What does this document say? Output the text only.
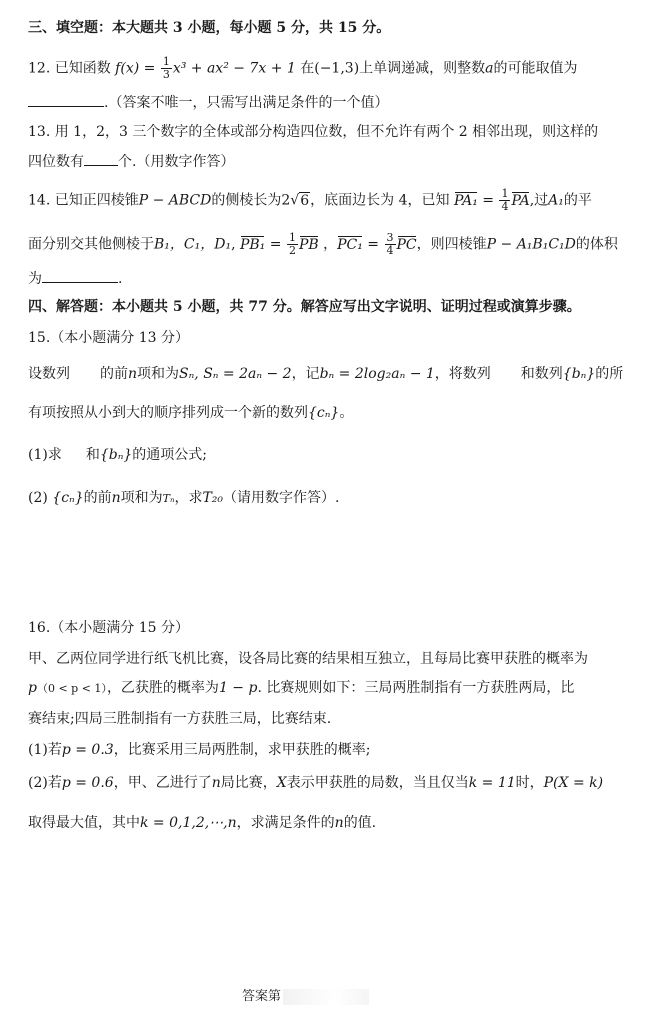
三、填空题：本大题共 3 小题，每小题 5 分，共 15 分。
12. 已知函数 $f(x) = \frac{1}{3} x^3 + ax^2 - 7x + 1$ 在(−1,3)上单调递减，则整数a的可能取值为
.（答案不唯一，只需写出满足条件的一个值）
13. 用 1，2，3 三个数字的全体或部分构造四位数，但不允许有两个 2 相邻出现，则这样的
四位数有 个.（用数字作答）
14. 已知正四棱锥P − ABCD的侧棱长为2√6，底面边长为 4，已知 $PA_1 = \frac{1}{4}$ PA,过A₁的平
面分别交其他侧棱于B₁，C₁，D₁, $PB_1 = \frac{1}{2}$ PB ，$PC_1 = \frac{3}{4}$ PC，则四棱锥P − A₁B₁C₁D的体积
为	.
四、解答题：本小题共 5 小题，共 77 分。解答应写出文字说明、证明过程或演算步骤。
15.（本小题满分 13 分）
设数列 的前n项和为Sₙ, Sₙ = 2aₙ − 2，记bₙ = 2log₂aₙ − 1，将数列 和数列{bₙ}的所
有项按照从小到大的顺序排列成一个新的数列{cₙ}。
(1)求 和{bₙ}的通项公式;
(2) {cₙ}的前n项和为Tₙ，求T₂₀（请用数字作答）.
16.（本小题满分 15 分）
甲、乙两位同学进行纸飞机比赛，设各局比赛的结果相互独立，且每局比赛甲获胜的概率为
p（0 < p < 1），乙获胜的概率为1 − p. 比赛规则如下：三局两胜制指有一方获胜两局，比
赛结束;四局三胜制指有一方获胜三局，比赛结束.
(1)若p = 0.3，比赛采用三局两胜制，求甲获胜的概率;
(2)若p = 0.6，甲、乙进行了n局比赛，X表示甲获胜的局数，当且仅当k = 11时，P(X = k)
取得最大值，其中k = 0,1,2,⋯,n，求满足条件的n的值.
答案第
